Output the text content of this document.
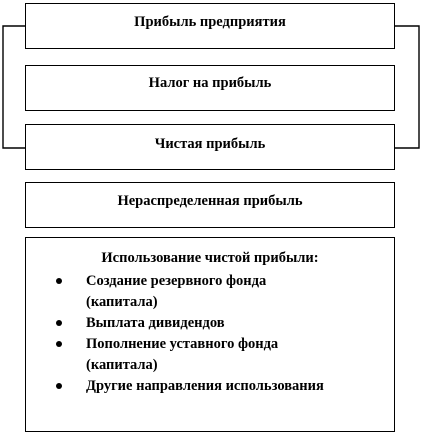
Прибыль предприятия
Налог на прибыль
Чистая прибыль
Нераспределенная прибыль
Использование чистой прибыли:
Создание резервного фонда
(капитала)
Выплата дивидендов
Пополнение уставного фонда
(капитала)
Другие направления использования
